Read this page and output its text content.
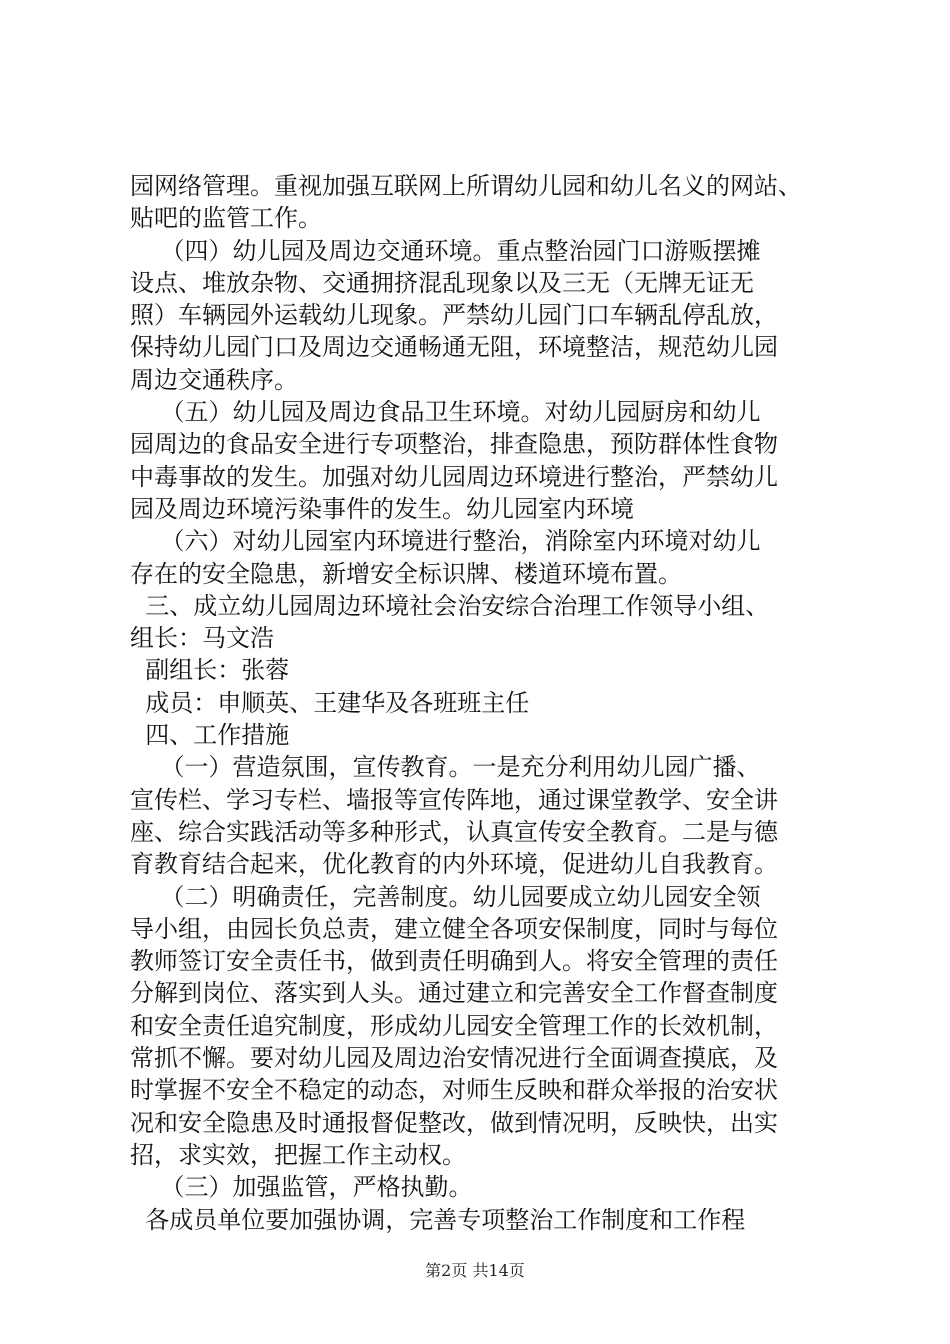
园网络管理。重视加强互联网上所谓幼儿园和幼儿名义的网站、
贴吧的监管工作。
（四）幼儿园及周边交通环境。重点整治园门口游贩摆摊
设点、堆放杂物、交通拥挤混乱现象以及三无（无牌无证无
照）车辆园外运载幼儿现象。严禁幼儿园门口车辆乱停乱放，
保持幼儿园门口及周边交通畅通无阻，环境整洁，规范幼儿园
周边交通秩序。
（五）幼儿园及周边食品卫生环境。对幼儿园厨房和幼儿
园周边的食品安全进行专项整治，排查隐患，预防群体性食物
中毒事故的发生。加强对幼儿园周边环境进行整治，严禁幼儿
园及周边环境污染事件的发生。幼儿园室内环境
（六）对幼儿园室内环境进行整治，消除室内环境对幼儿
存在的安全隐患，新增安全标识牌、楼道环境布置。
三、成立幼儿园周边环境社会治安综合治理工作领导小组、
组长：马文浩
副组长：张蓉
成员：申顺英、王建华及各班班主任
四、工作措施
（一）营造氛围，宣传教育。一是充分利用幼儿园广播、
宣传栏、学习专栏、墙报等宣传阵地，通过课堂教学、安全讲
座、综合实践活动等多种形式，认真宣传安全教育。二是与德
育教育结合起来，优化教育的内外环境，促进幼儿自我教育。
（二）明确责任，完善制度。幼儿园要成立幼儿园安全领
导小组，由园长负总责，建立健全各项安保制度，同时与每位
教师签订安全责任书，做到责任明确到人。将安全管理的责任
分解到岗位、落实到人头。通过建立和完善安全工作督查制度
和安全责任追究制度，形成幼儿园安全管理工作的长效机制，
常抓不懈。要对幼儿园及周边治安情况进行全面调查摸底，及
时掌握不安全不稳定的动态，对师生反映和群众举报的治安状
况和安全隐患及时通报督促整改，做到情况明，反映快，出实
招，求实效，把握工作主动权。
（三）加强监管，严格执勤。
各成员单位要加强协调，完善专项整治工作制度和工作程
第2页 共14页
